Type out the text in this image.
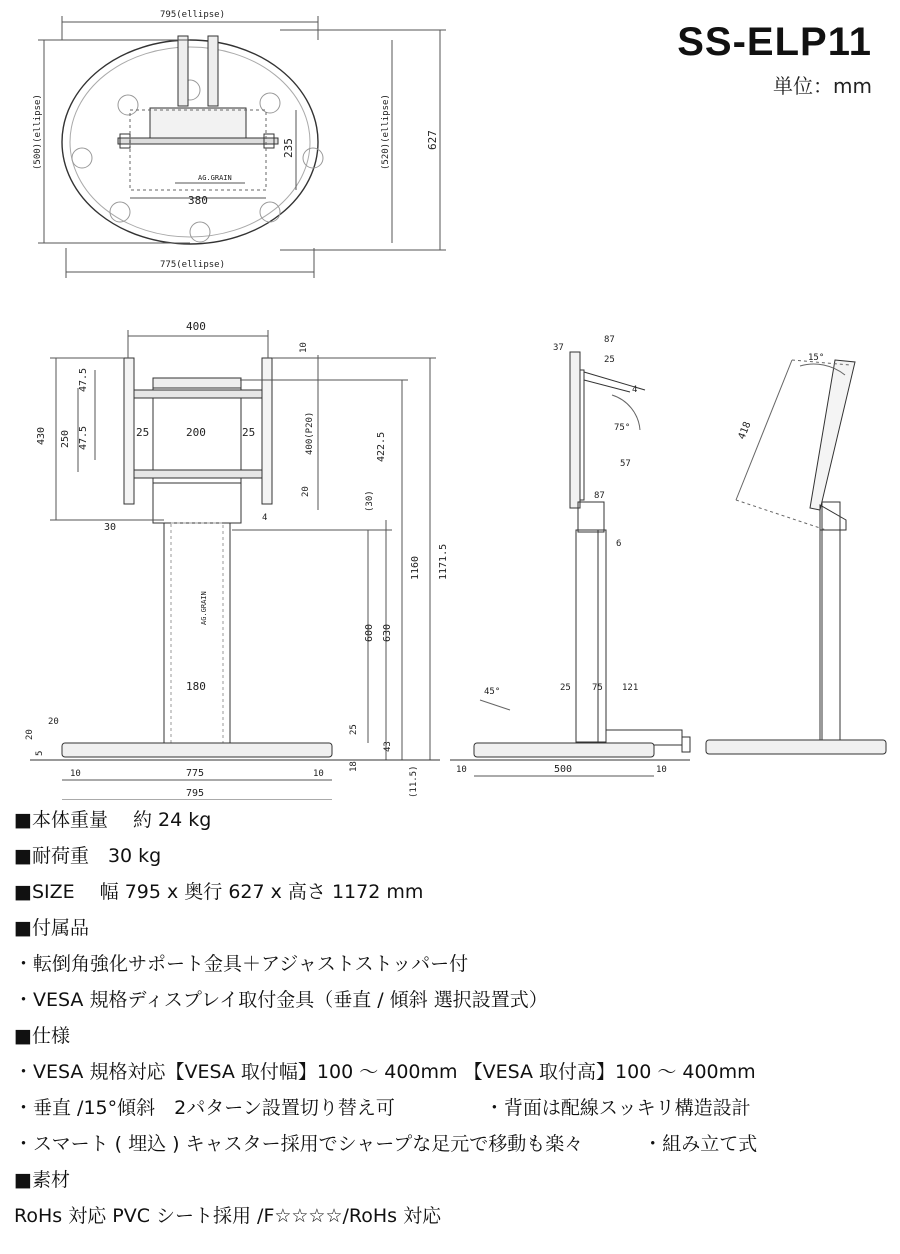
SS-ELP11
単位：mm
795(ellipse)
775(ellipse)
(500)(ellipse)	(520)(ellipse)	627
235
380
AG.GRAIN
400
10
47.5
47.5
430 250	25	200	25	400(P20)	422.5
20
4
(30)
30
1160 1171.5
600 630
AG.GRAIN
180
20
20	25
5
43
18
10	775	10
795	(11.5)
37
87
25
4
75°
57
87
6
45°	25 75 121
10	500	10
15°
418
■本体重量　 約 24 kg
■耐荷重　30 kg
■SIZE　 幅 795 x 奥行 627 x 高さ 1172 mm
■付属品
・転倒角強化サポート金具＋アジャストストッパー付
・VESA 規格ディスプレイ取付金具（垂直 / 傾斜 選択設置式）
■仕様
・VESA 規格対応【VESA 取付幅】100 ～ 400mm 【VESA 取付高】100 ～ 400mm
・垂直 /15°傾斜　2パターン設置切り替え可	・背面は配線スッキリ構造設計
・スマート ( 埋込 ) キャスター採用でシャープな足元で移動も楽々	・組み立て式
■素材
RoHs 対応 PVC シート採用 /F☆☆☆☆/RoHs 対応
